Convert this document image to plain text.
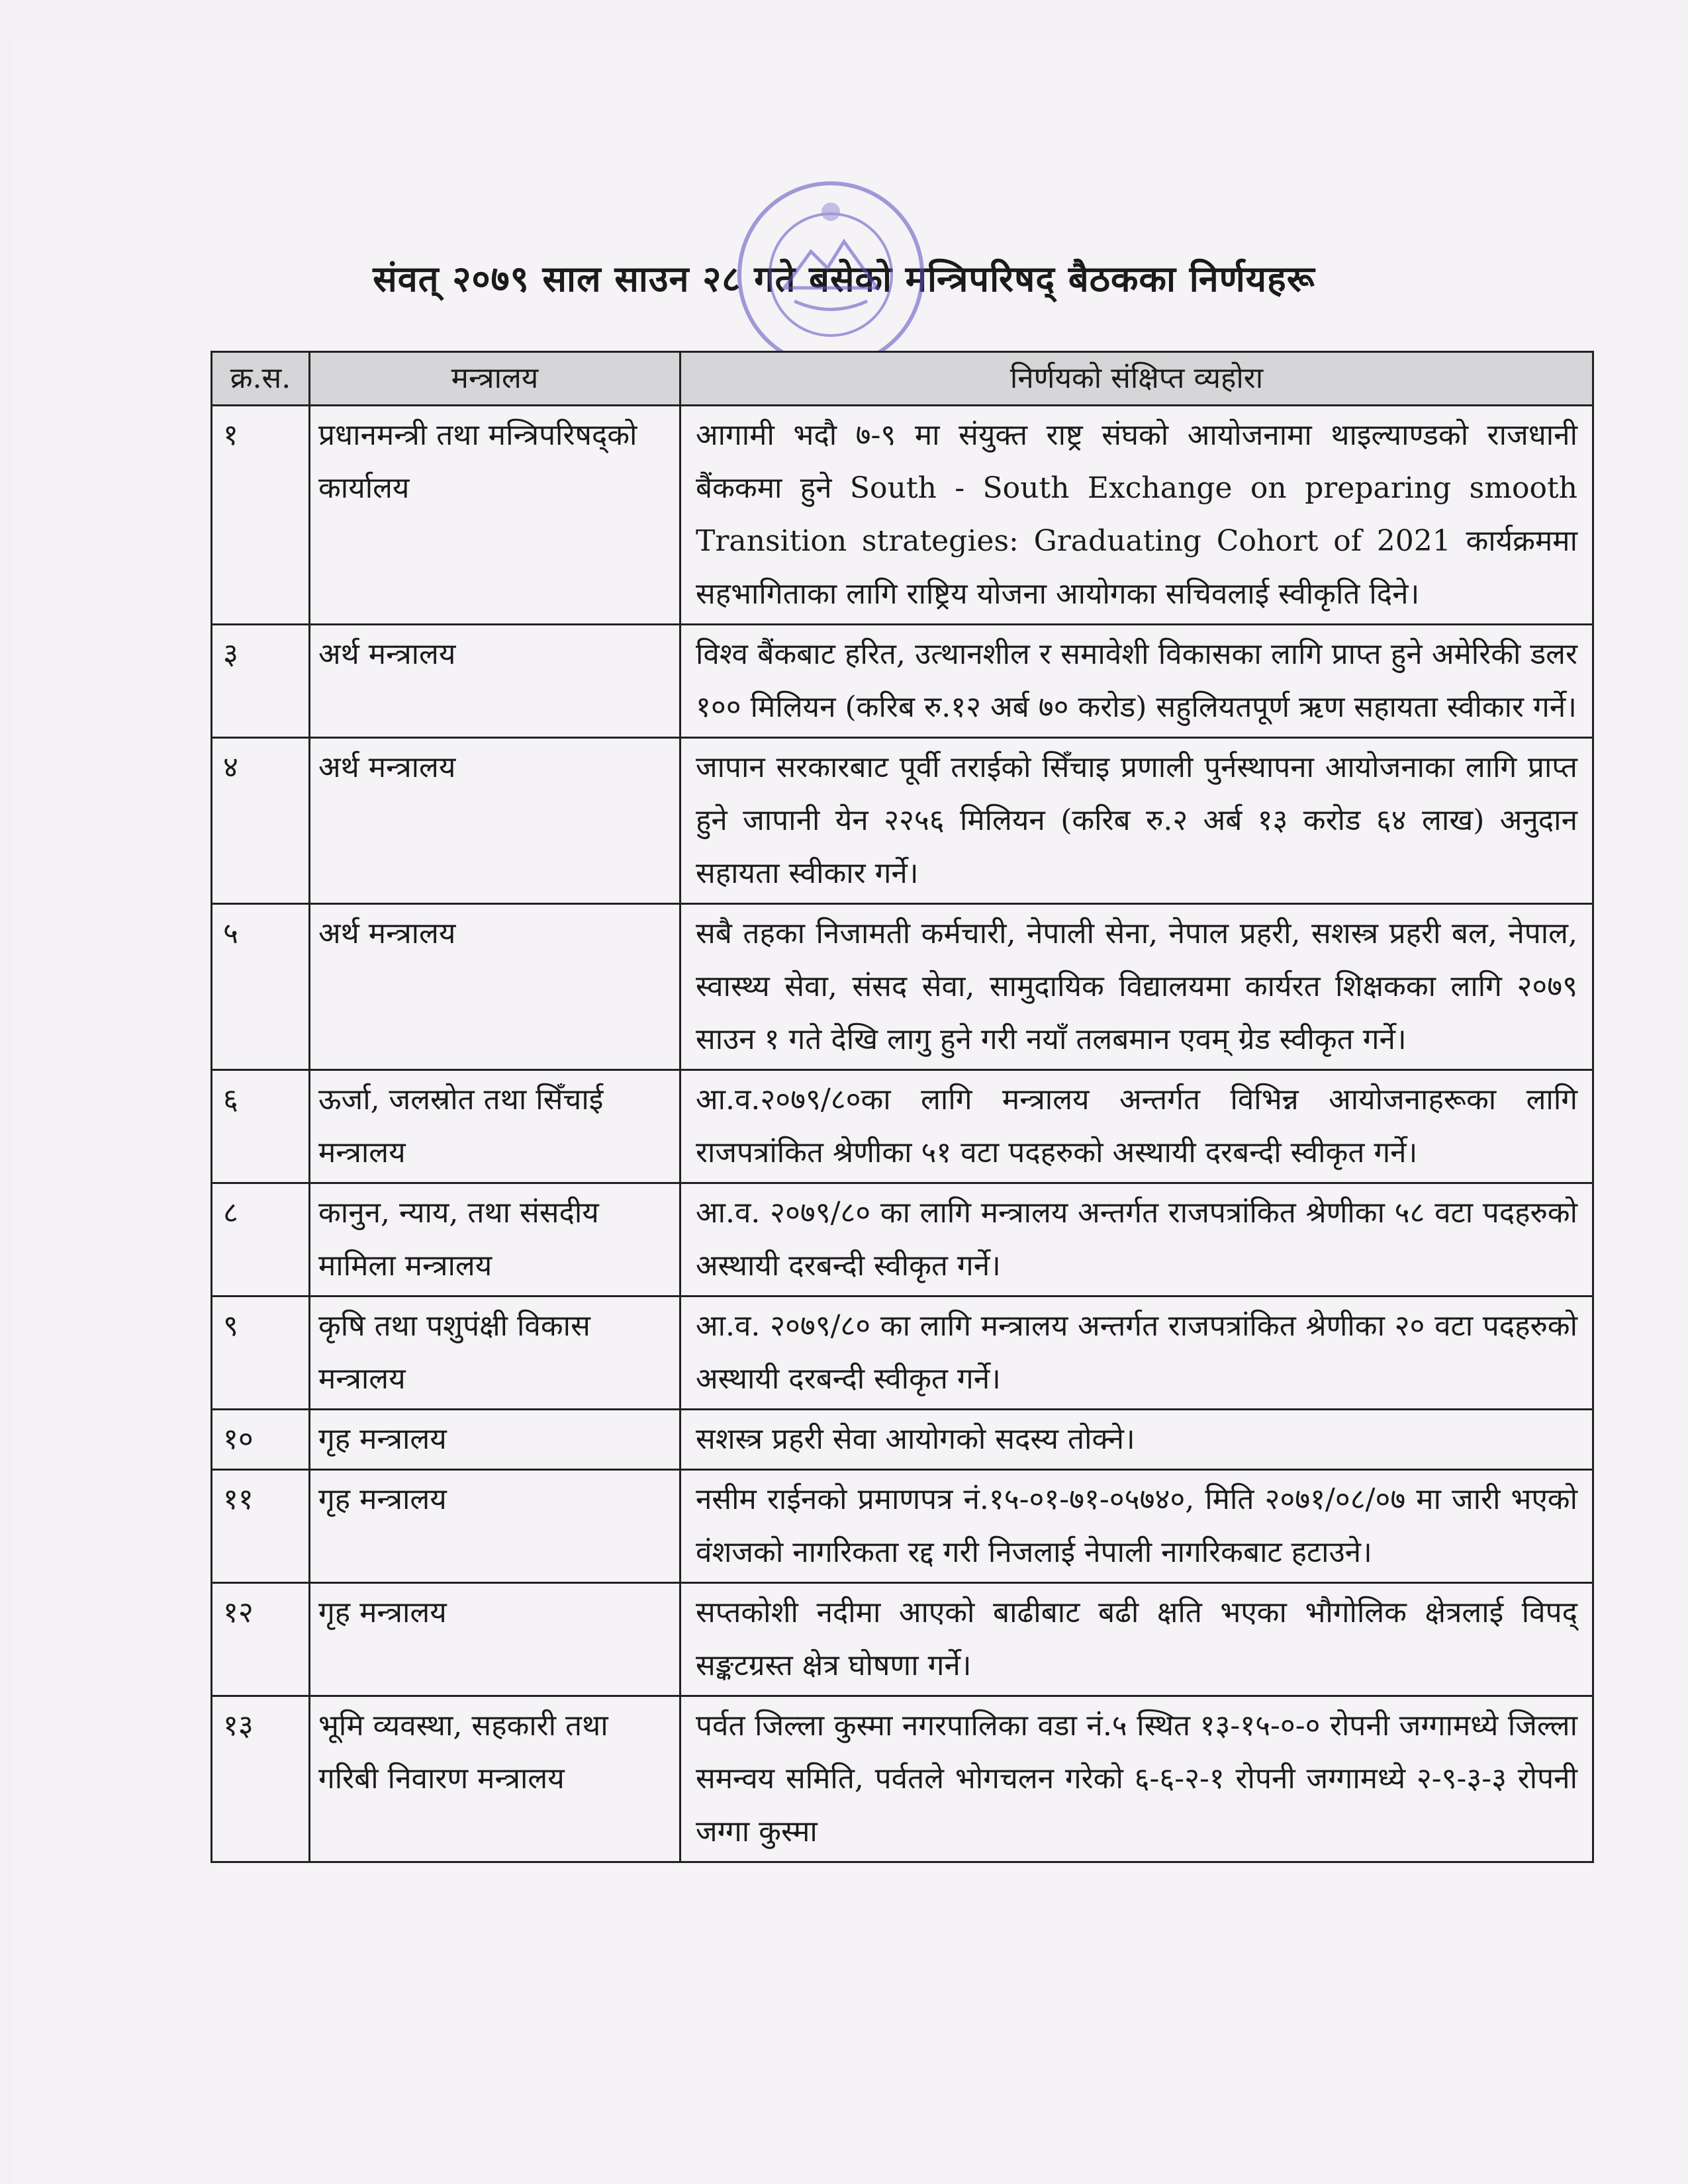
संवत् २०७९ साल साउन २८ गते बसेको मन्त्रिपरिषद् बैठकका निर्णयहरू
क्र.स.	मन्त्रालय	निर्णयको संक्षिप्त व्यहोरा
१	प्रधानमन्त्री तथा मन्त्रिपरिषद्को कार्यालय	आगामी भदौ ७-९ मा संयुक्त राष्ट्र संघको आयोजनामा थाइल्याण्डको राजधानी बैंककमा हुने South - South Exchange on preparing smooth Transition strategies: Graduating Cohort of 2021 कार्यक्रममा सहभागिताका लागि राष्ट्रिय योजना आयोगका सचिवलाई स्वीकृति दिने।
३	अर्थ मन्त्रालय	विश्व बैंकबाट हरित, उत्थानशील र समावेशी विकासका लागि प्राप्त हुने अमेरिकी डलर १०० मिलियन (करिब रु.१२ अर्ब ७० करोड) सहुलियतपूर्ण ऋण सहायता स्वीकार गर्ने।
४	अर्थ मन्त्रालय	जापान सरकारबाट पूर्वी तराईको सिँचाइ प्रणाली पुर्नस्थापना आयोजनाका लागि प्राप्त हुने जापानी येन २२५६ मिलियन (करिब रु.२ अर्ब १३ करोड ६४ लाख) अनुदान सहायता स्वीकार गर्ने।
५	अर्थ मन्त्रालय	सबै तहका निजामती कर्मचारी, नेपाली सेना, नेपाल प्रहरी, सशस्त्र प्रहरी बल, नेपाल, स्वास्थ्य सेवा, संसद सेवा, सामुदायिक विद्यालयमा कार्यरत शिक्षकका लागि २०७९ साउन १ गते देखि लागु हुने गरी नयाँ तलबमान एवम् ग्रेड स्वीकृत गर्ने।
६	ऊर्जा, जलस्रोत तथा सिँचाई मन्त्रालय	आ.व.२०७९/८०का लागि मन्त्रालय अन्तर्गत विभिन्न आयोजनाहरूका लागि राजपत्रांकित श्रेणीका ५१ वटा पदहरुको अस्थायी दरबन्दी स्वीकृत गर्ने।
८	कानुन, न्याय, तथा संसदीय मामिला मन्त्रालय	आ.व. २०७९/८० का लागि मन्त्रालय अन्तर्गत राजपत्रांकित श्रेणीका ५८ वटा पदहरुको अस्थायी दरबन्दी स्वीकृत गर्ने।
९	कृषि तथा पशुपंक्षी विकास मन्त्रालय	आ.व. २०७९/८० का लागि मन्त्रालय अन्तर्गत राजपत्रांकित श्रेणीका २० वटा पदहरुको अस्थायी दरबन्दी स्वीकृत गर्ने।
१०	गृह मन्त्रालय	सशस्त्र प्रहरी सेवा आयोगको सदस्य तोक्ने।
११	गृह मन्त्रालय	नसीम राईनको प्रमाणपत्र नं.१५-०१-७१-०५७४०, मिति २०७१/०८/०७ मा जारी भएको वंशजको नागरिकता रद्द गरी निजलाई नेपाली नागरिकबाट हटाउने।
१२	गृह मन्त्रालय	सप्तकोशी नदीमा आएको बाढीबाट बढी क्षति भएका भौगोलिक क्षेत्रलाई विपद् सङ्कटग्रस्त क्षेत्र घोषणा गर्ने।
१३	भूमि व्यवस्था, सहकारी तथा गरिबी निवारण मन्त्रालय	पर्वत जिल्ला कुस्मा नगरपालिका वडा नं.५ स्थित १३-१५-०-० रोपनी जग्गामध्ये जिल्ला समन्वय समिति, पर्वतले भोगचलन गरेको ६-६-२-१ रोपनी जग्गामध्ये २-९-३-३ रोपनी जग्गा कुस्मा
